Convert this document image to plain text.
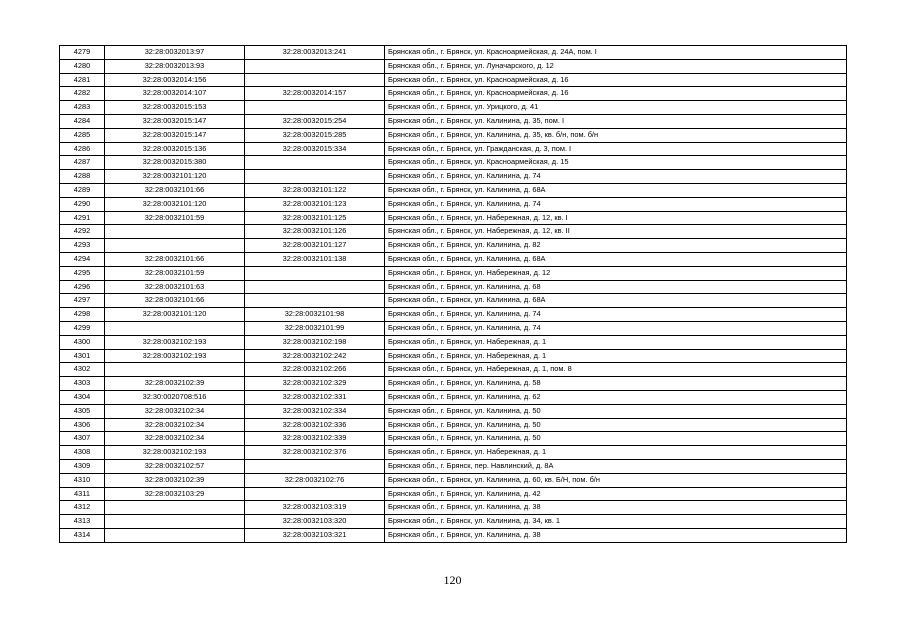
4279	32:28:0032013:97	32:28:0032013:241	Брянская обл., г. Брянск, ул. Красноармейская, д. 24А, пом. I
4280	32:28:0032013:93		Брянская обл., г. Брянск, ул. Луначарского, д. 12
4281	32:28:0032014:156		Брянская обл., г. Брянск, ул. Красноармейская, д. 16
4282	32:28:0032014:107	32:28:0032014:157	Брянская обл., г. Брянск, ул. Красноармейская, д. 16
4283	32:28:0032015:153		Брянская обл., г. Брянск, ул. Урицкого, д. 41
4284	32:28:0032015:147	32:28:0032015:254	Брянская обл., г. Брянск, ул. Калинина, д. 35, пом. I
4285	32:28:0032015:147	32:28:0032015:285	Брянская обл., г. Брянск, ул. Калинина, д. 35, кв. б/н, пом. б/н
4286	32:28:0032015:136	32:28:0032015:334	Брянская обл., г. Брянск, ул. Гражданская, д. 3, пом. I
4287	32:28:0032015:380		Брянская обл., г. Брянск, ул. Красноармейская, д. 15
4288	32:28:0032101:120		Брянская обл., г. Брянск, ул. Калинина, д. 74
4289	32:28:0032101:66	32:28:0032101:122	Брянская обл., г. Брянск, ул. Калинина, д. 68А
4290	32:28:0032101:120	32:28:0032101:123	Брянская обл., г. Брянск, ул. Калинина, д. 74
4291	32:28:0032101:59	32:28:0032101:125	Брянская обл., г. Брянск, ул. Набережная, д. 12, кв. I
4292		32:28:0032101:126	Брянская обл., г. Брянск, ул. Набережная, д. 12, кв. II
4293		32:28:0032101:127	Брянская обл., г. Брянск, ул. Калинина, д. 82
4294	32:28:0032101:66	32:28:0032101:138	Брянская обл., г. Брянск, ул. Калинина, д. 68А
4295	32:28:0032101:59		Брянская обл., г. Брянск, ул. Набережная, д. 12
4296	32:28:0032101:63		Брянская обл., г. Брянск, ул. Калинина, д. 68
4297	32:28:0032101:66		Брянская обл., г. Брянск, ул. Калинина, д. 68А
4298	32:28:0032101:120	32:28:0032101:98	Брянская обл., г. Брянск, ул. Калинина, д. 74
4299		32:28:0032101:99	Брянская обл., г. Брянск, ул. Калинина, д. 74
4300	32:28:0032102:193	32:28:0032102:198	Брянская обл., г. Брянск, ул. Набережная, д. 1
4301	32:28:0032102:193	32:28:0032102:242	Брянская обл., г. Брянск, ул. Набережная, д. 1
4302		32:28:0032102:266	Брянская обл., г. Брянск, ул. Набережная, д. 1, пом. 8
4303	32:28:0032102:39	32:28:0032102:329	Брянская обл., г. Брянск, ул. Калинина, д. 58
4304	32:30:0020708:516	32:28:0032102:331	Брянская обл., г. Брянск, ул. Калинина, д. 62
4305	32:28:0032102:34	32:28:0032102:334	Брянская обл., г. Брянск, ул. Калинина, д. 50
4306	32:28:0032102:34	32:28:0032102:336	Брянская обл., г. Брянск, ул. Калинина, д. 50
4307	32:28:0032102:34	32:28:0032102:339	Брянская обл., г. Брянск, ул. Калинина, д. 50
4308	32:28:0032102:193	32:28:0032102:376	Брянская обл., г. Брянск, ул. Набережная, д. 1
4309	32:28:0032102:57		Брянская обл., г. Брянск, пер. Навлинский, д. 8А
4310	32:28:0032102:39	32:28:0032102:76	Брянская обл., г. Брянск, ул. Калинина, д. 60, кв. Б/Н, пом. б/н
4311	32:28:0032103:29		Брянская обл., г. Брянск, ул. Калинина, д. 42
4312		32:28:0032103:319	Брянская обл., г. Брянск, ул. Калинина, д. 38
4313		32:28:0032103:320	Брянская обл., г. Брянск, ул. Калинина, д. 34, кв. 1
4314		32:28:0032103:321	Брянская обл., г. Брянск, ул. Калинина, д. 38
120
